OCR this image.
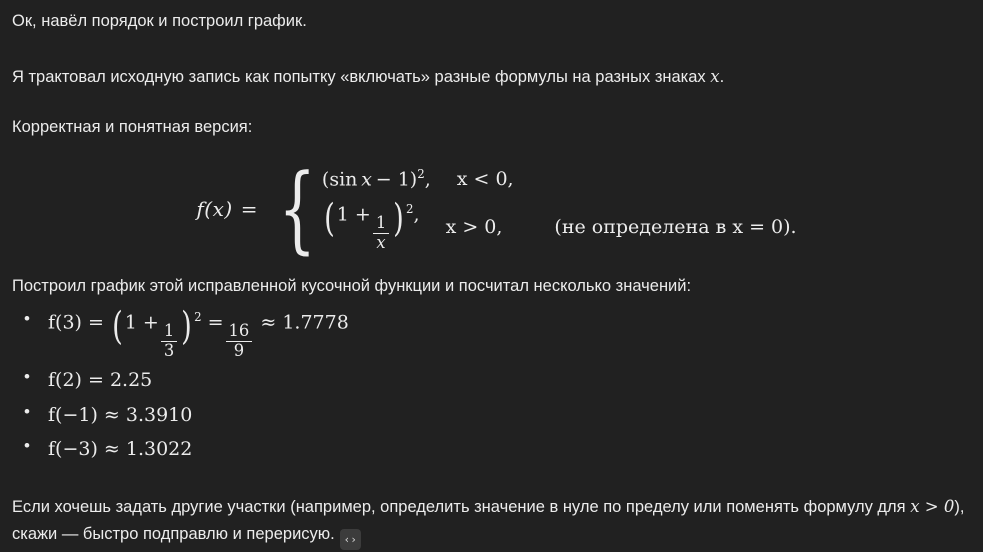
Ок, навёл порядок и построил график.

Я трактовал исходную запись как попытку «включать» разные формулы на разных знаках x.

Корректная и понятная версия:

f(x) = { (sin  x  − 1)$^2$, x < 0,
( 1 +
$\frac{1}{x}$ ) $^2$,
x > 0,	(не определена в x = 0).

Построил график этой исправленной кусочной функции и посчитал несколько значений:

• f(3) = ( 1 +
$\frac{1}{3}$ ) $^2$ =
$\frac{16}{9}$
≈ 1.7778
• f(2) = 2.25
• f(−1) ≈ 3.3910
• f(−3) ≈ 1.3022

Если хочешь задать другие участки (например, определить значение в нуле по пределу или поменять формулу для x > 0), скажи — быстро подправлю и перерисую. ‹›
